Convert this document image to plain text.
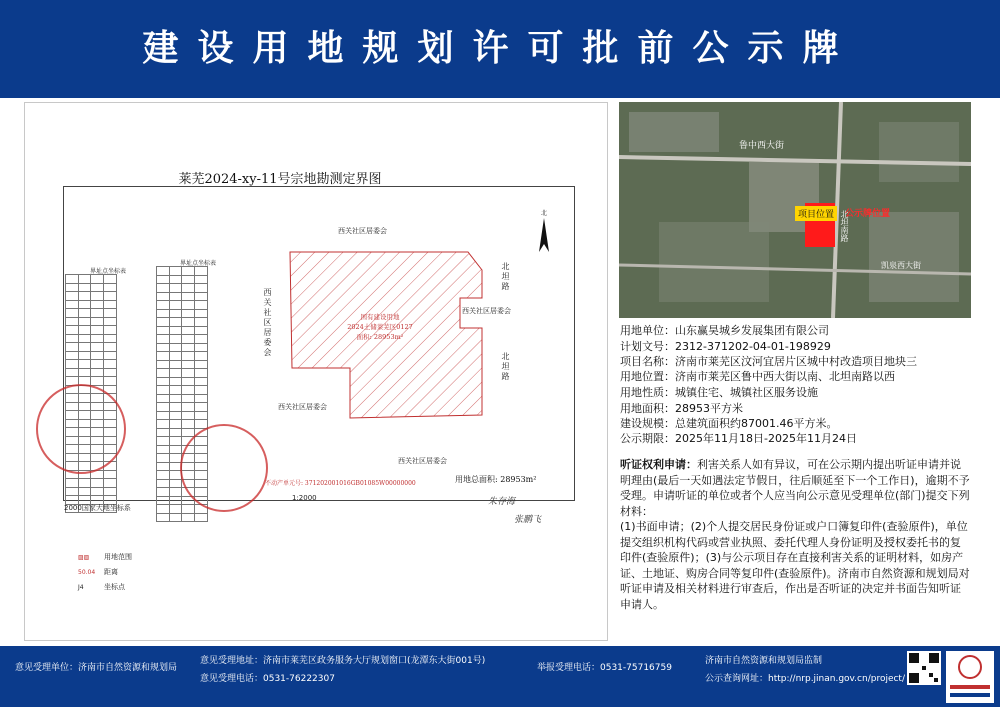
建设用地规划许可批前公示牌
莱芜2024-xy-11号宗地勘测定界图
界址点坐标表

界址点坐标表

西关社区居委会
西关社区居委会	西关社区居委会
西关社区居委会
西关社区居委会
北坦路
北坦路
国有建设用地
2024土储莱芜区0127
面积: 28953m²
北
用地总面积: 28953m²
不动产单元号: 371202001016GB01085W00000000
1:2000
2000国家大地坐标系
朱存海
张鹏飞
▨▨ 用地范围
50.04 距离
J4	坐标点
鲁中西大街
北坦南路
凯泉西大街
项目位置	公示牌位置
用地单位：山东赢昊城乡发展集团有限公司
计划文号：2312-371202-04-01-198929
项目名称：济南市莱芜区汶河宜居片区城中村改造项目地块三
用地位置：济南市莱芜区鲁中西大街以南、北坦南路以西
用地性质：城镇住宅、城镇社区服务设施
用地面积：28953平方米
建设规模：总建筑面积约87001.46平方米。
公示期限：2025年11月18日-2025年11月24日

听证权利申请：利害关系人如有异议，可在公示期内提出听证申请并说明理由(最后一天如遇法定节假日，往后顺延至下一个工作日)，逾期不予受理。申请听证的单位或者个人应当向公示意见受理单位(部门)提交下列材料：

(1)书面申请；(2)个人提交居民身份证或户口簿复印件(查验原件)，单位提交组织机构代码或营业执照、委托代理人身份证明及授权委托书的复印件(查验原件)；(3)与公示项目存在直接利害关系的证明材料，如房产证、土地证、购房合同等复印件(查验原件)。济南市自然资源和规划局对听证申请及相关材料进行审查后，作出是否听证的决定并书面告知听证申请人。

意见受理单位：济南市自然资源和规划局
意见受理地址：济南市莱芜区政务服务大厅规划窗口(龙潭东大街001号)
意见受理电话：0531-76222307
举报受理电话：0531-75716759
济南市自然资源和规划局监制
公示查询网址：http://nrp.jinan.gov.cn/project/
